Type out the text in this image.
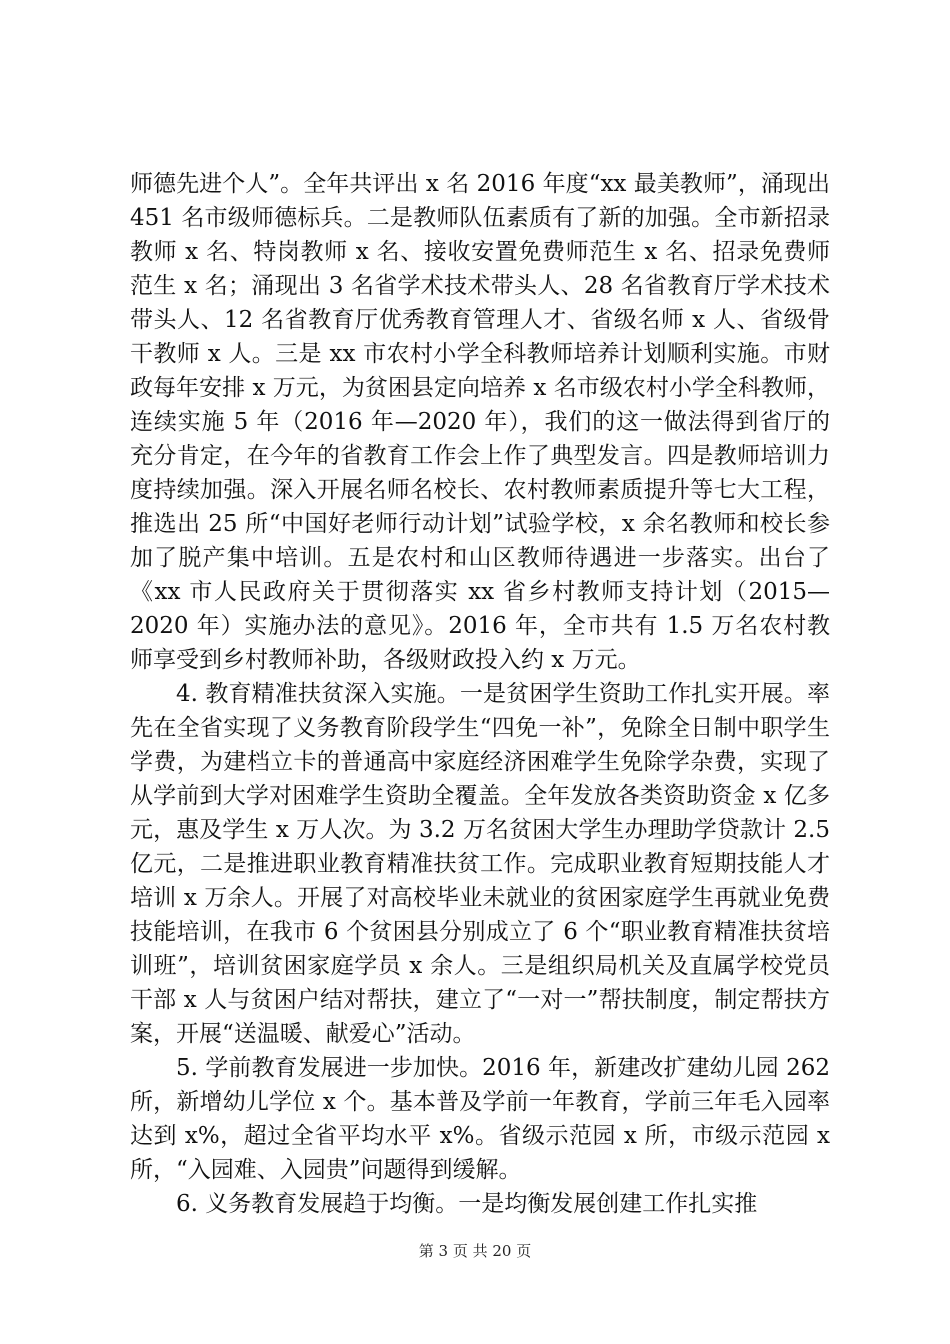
师德先进个人”。全年共评出 x 名 2016 年度“xx 最美教师”，涌现出 451 名市级师德标兵。二是教师队伍素质有了新的加强。全市新招录教师 x 名、特岗教师 x 名、接收安置免费师范生 x 名、招录免费师范生 x 名；涌现出 3 名省学术技术带头人、28 名省教育厅学术技术带头人、12 名省教育厅优秀教育管理人才、省级名师 x 人、省级骨干教师 x 人。三是 xx 市农村小学全科教师培养计划顺利实施。市财政每年安排 x 万元，为贫困县定向培养 x 名市级农村小学全科教师，连续实施 5 年（2016 年—2020 年），我们的这一做法得到省厅的充分肯定，在今年的省教育工作会上作了典型发言。四是教师培训力度持续加强。深入开展名师名校长、农村教师素质提升等七大工程，推选出 25 所“中国好老师行动计划”试验学校，x 余名教师和校长参加了脱产集中培训。五是农村和山区教师待遇进一步落实。出台了《xx 市人民政府关于贯彻落实 xx 省乡村教师支持计划（2015—2020 年）实施办法的意见》。2016 年，全市共有 1.5 万名农村教师享受到乡村教师补助，各级财政投入约 x 万元。

4. 教育精准扶贫深入实施。一是贫困学生资助工作扎实开展。率先在全省实现了义务教育阶段学生“四免一补”，免除全日制中职学生学费，为建档立卡的普通高中家庭经济困难学生免除学杂费，实现了从学前到大学对困难学生资助全覆盖。全年发放各类资助资金 x 亿多元，惠及学生 x 万人次。为 3.2 万名贫困大学生办理助学贷款计 2.5 亿元，二是推进职业教育精准扶贫工作。完成职业教育短期技能人才培训 x 万余人。开展了对高校毕业未就业的贫困家庭学生再就业免费技能培训，在我市 6 个贫困县分别成立了 6 个“职业教育精准扶贫培训班”，培训贫困家庭学员 x 余人。三是组织局机关及直属学校党员干部 x 人与贫困户结对帮扶，建立了“一对一”帮扶制度，制定帮扶方案，开展“送温暖、献爱心”活动。

5. 学前教育发展进一步加快。2016 年，新建改扩建幼儿园 262 所，新增幼儿学位 x 个。基本普及学前一年教育，学前三年毛入园率达到 x%，超过全省平均水平 x%。省级示范园 x 所，市级示范园 x 所，“入园难、入园贵”问题得到缓解。

6. 义务教育发展趋于均衡。一是均衡发展创建工作扎实推

第 3 页 共 20 页
